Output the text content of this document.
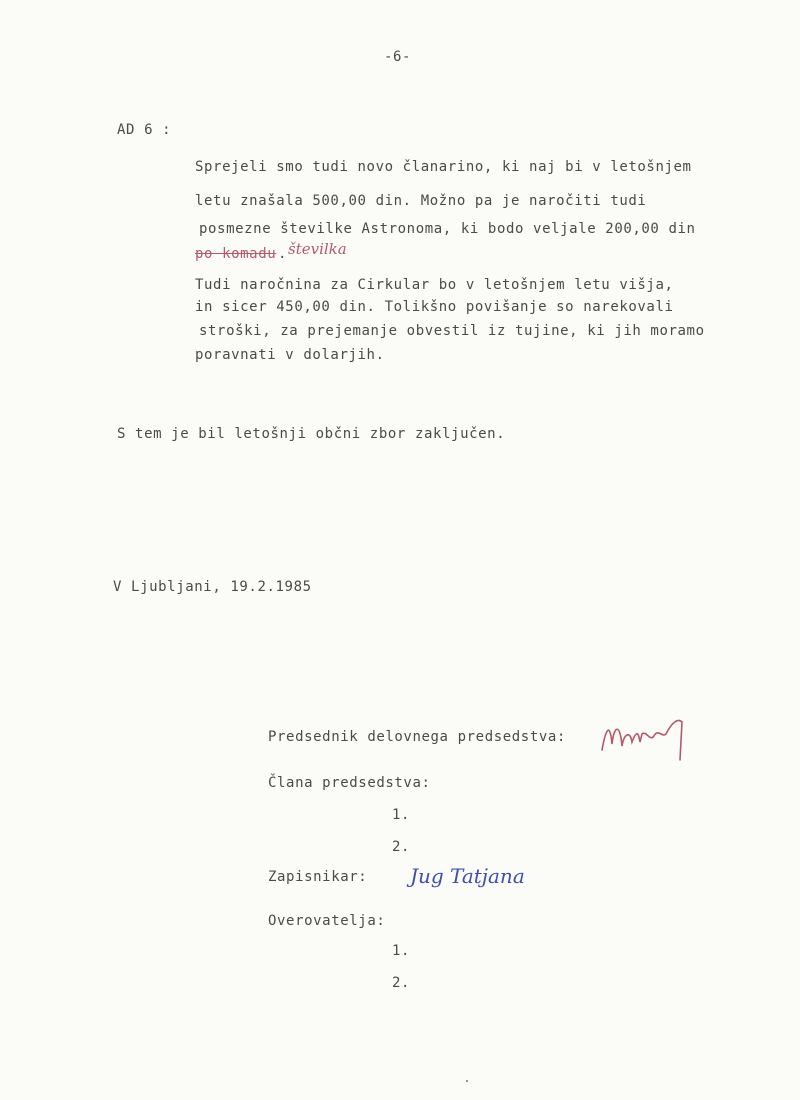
-6-
AD 6 :
Sprejeli smo tudi novo članarino, ki naj bi v letošnjem
letu znašala 500,00 din. Možno pa je naročiti tudi
posmezne številke Astronoma, ki bodo veljale 200,00 din
po komadu številka
.
Tudi naročnina za Cirkular bo v letošnjem letu višja,
in sicer 450,00 din. Tolikšno povišanje so narekovali
stroški, za prejemanje obvestil iz tujine, ki jih moramo
poravnati v dolarjih.
S tem je bil letošnji občni zbor zaključen.
V Ljubljani, 19.2.1985
Predsednik delovnega predsedstva:
Člana predsedstva:
1.
2.
Zapisnikar: Jug Tatjana
Overovatelja:
1.
2.
